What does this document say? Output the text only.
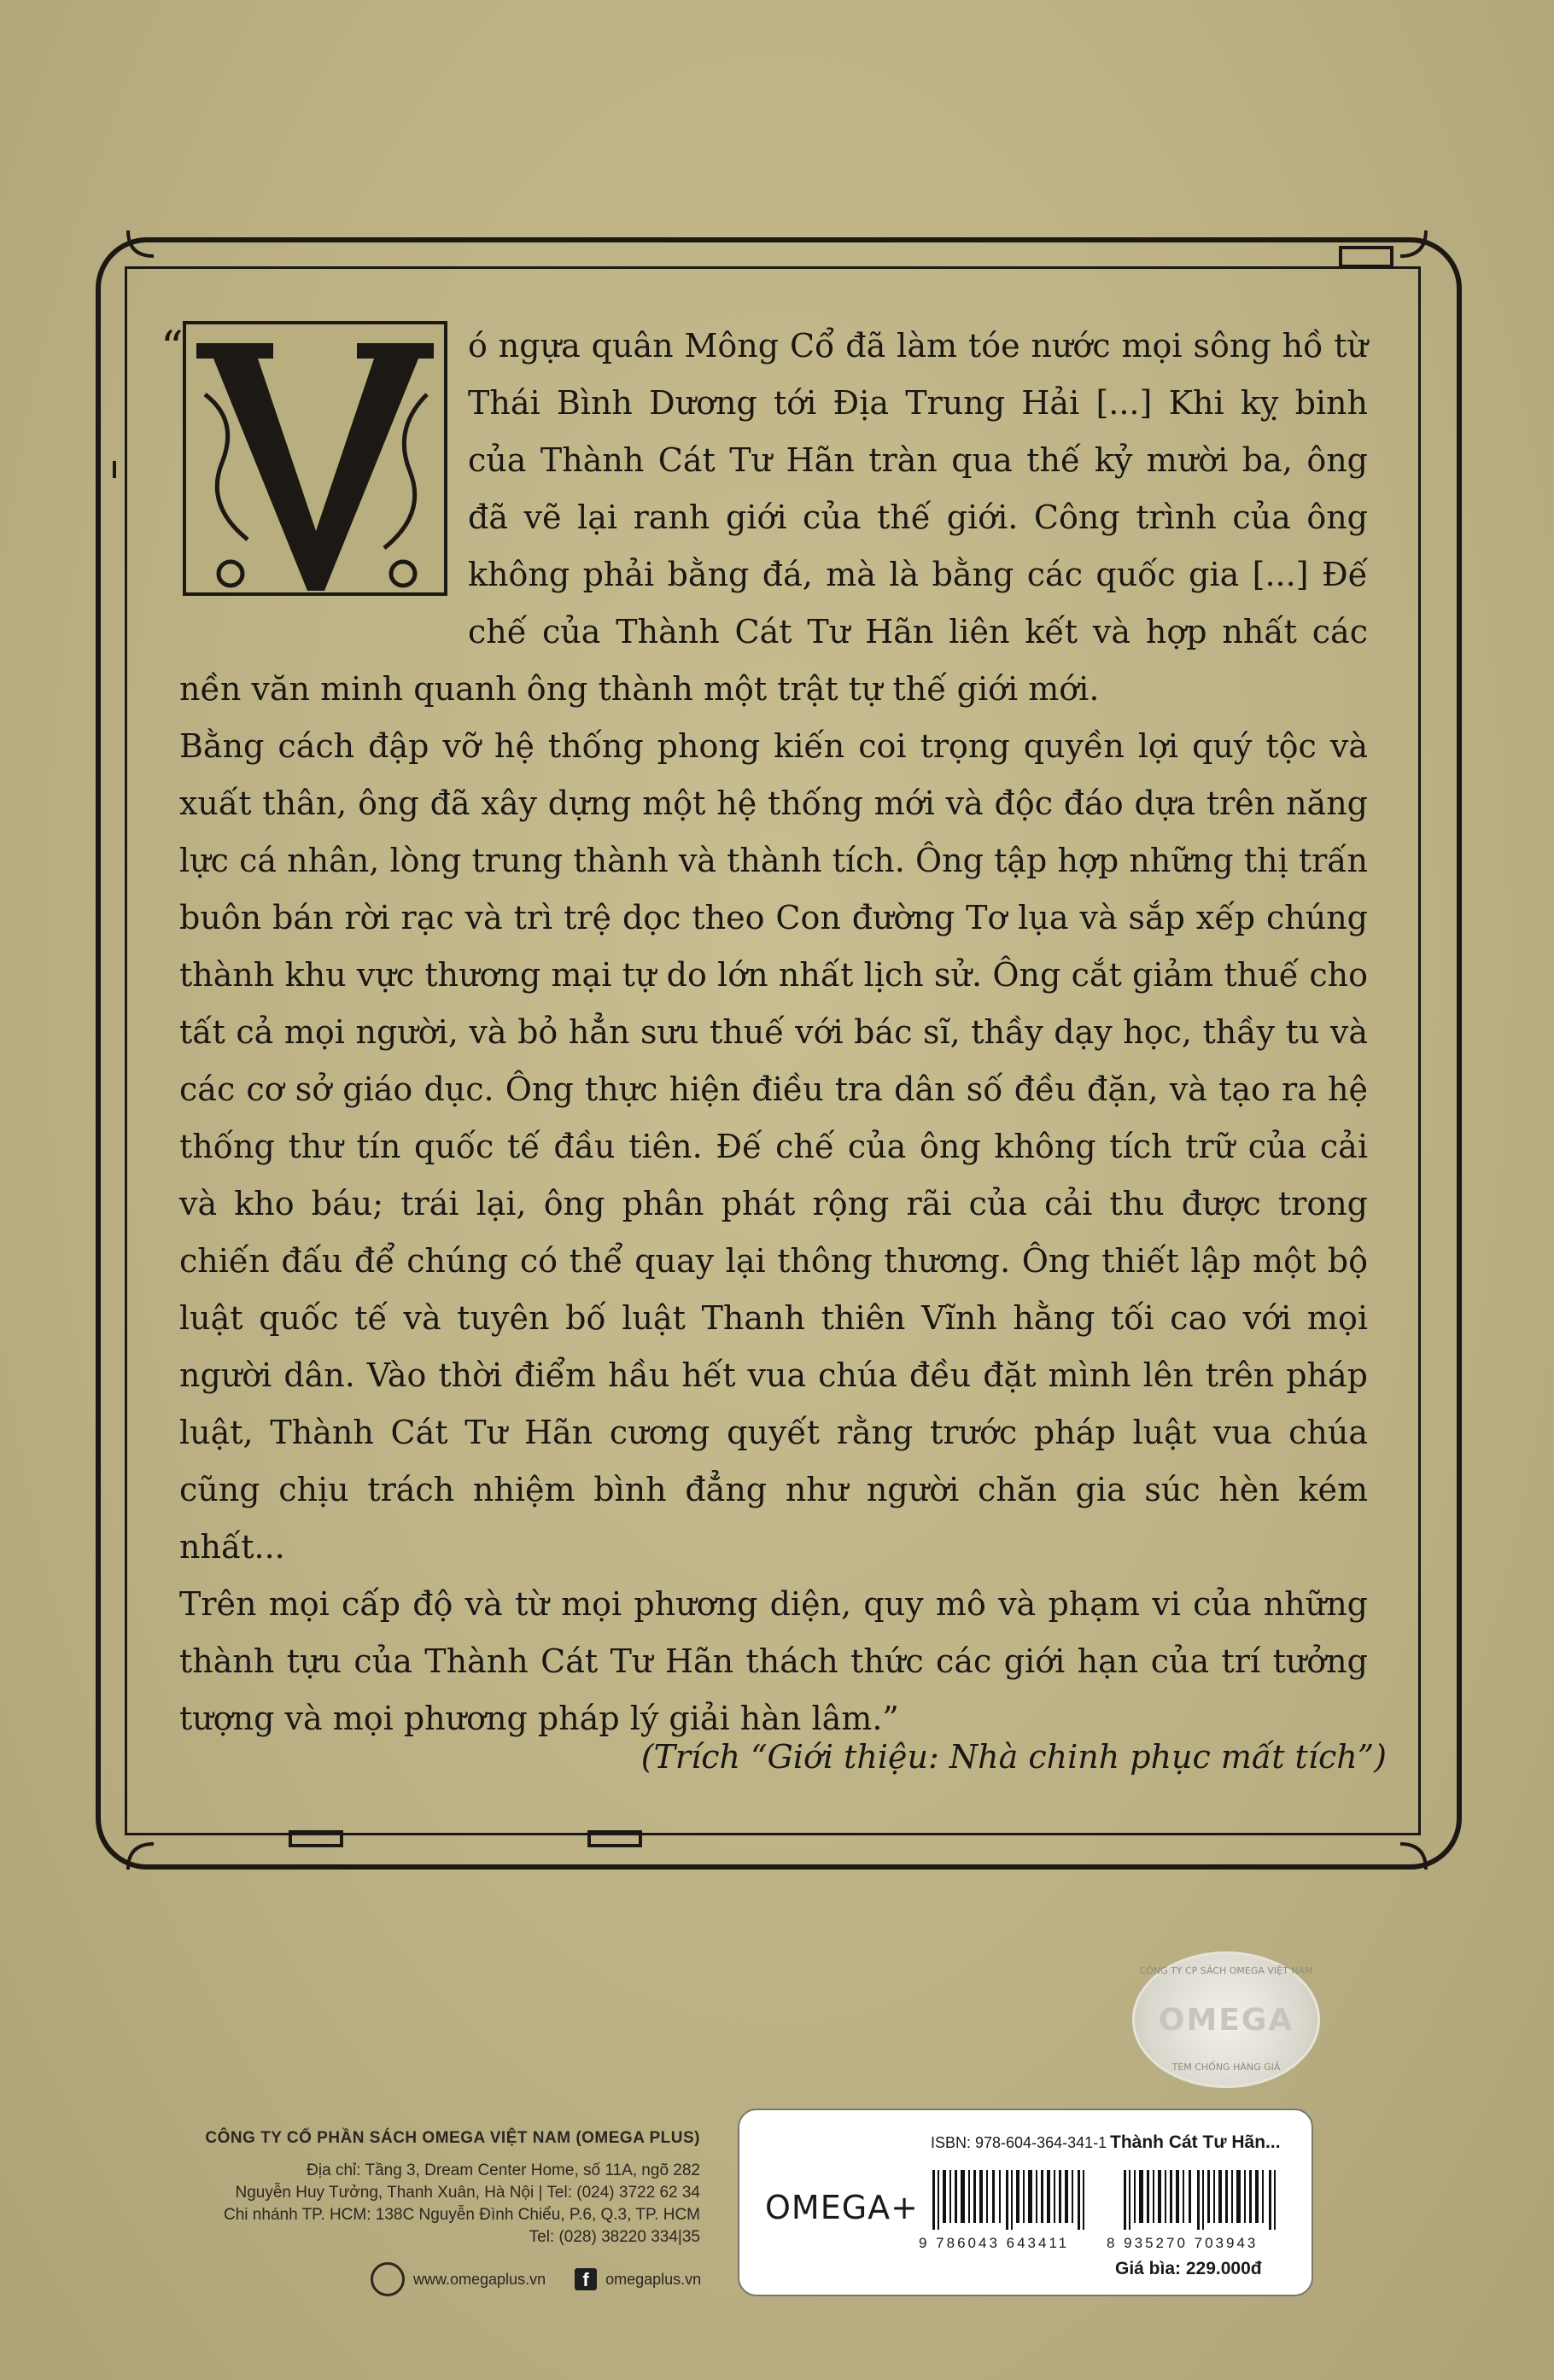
“
V

ó ngựa quân Mông Cổ đã làm tóe nước mọi sông hồ từ Thái Bình Dương tới Địa Trung Hải [...] Khi kỵ binh của Thành Cát Tư Hãn tràn qua thế kỷ mười ba, ông đã vẽ lại ranh giới của thế giới. Công trình của ông không phải bằng đá, mà là bằng các quốc gia [...] Đế chế của Thành Cát Tư Hãn liên kết và hợp nhất các nền văn minh quanh ông thành một trật tự thế giới mới.

Bằng cách đập vỡ hệ thống phong kiến coi trọng quyền lợi quý tộc và xuất thân, ông đã xây dựng một hệ thống mới và độc đáo dựa trên năng lực cá nhân, lòng trung thành và thành tích. Ông tập hợp những thị trấn buôn bán rời rạc và trì trệ dọc theo Con đường Tơ lụa và sắp xếp chúng thành khu vực thương mại tự do lớn nhất lịch sử. Ông cắt giảm thuế cho tất cả mọi người, và bỏ hẳn sưu thuế với bác sĩ, thầy dạy học, thầy tu và các cơ sở giáo dục. Ông thực hiện điều tra dân số đều đặn, và tạo ra hệ thống thư tín quốc tế đầu tiên. Đế chế của ông không tích trữ của cải và kho báu; trái lại, ông phân phát rộng rãi của cải thu được trong chiến đấu để chúng có thể quay lại thông thương. Ông thiết lập một bộ luật quốc tế và tuyên bố luật Thanh thiên Vĩnh hằng tối cao với mọi người dân. Vào thời điểm hầu hết vua chúa đều đặt mình lên trên pháp luật, Thành Cát Tư Hãn cương quyết rằng trước pháp luật vua chúa cũng chịu trách nhiệm bình đẳng như người chăn gia súc hèn kém nhất...

Trên mọi cấp độ và từ mọi phương diện, quy mô và phạm vi của những thành tựu của Thành Cát Tư Hãn thách thức các giới hạn của trí tưởng tượng và mọi phương pháp lý giải hàn lâm.”

(Trích “Giới thiệu: Nhà chinh phục mất tích”)
CÔNG TY CP SÁCH OMEGA VIỆT NAM
OMEGA
TEM CHỐNG HÀNG GIẢ
CÔNG TY CỔ PHẦN SÁCH OMEGA VIỆT NAM (OMEGA PLUS)
Địa chỉ: Tầng 3, Dream Center Home, số 11A, ngõ 282
Nguyễn Huy Tưởng, Thanh Xuân, Hà Nội | Tel: (024) 3722 62 34
Chi nhánh TP. HCM: 138C Nguyễn Đình Chiểu, P.6, Q.3, TP. HCM
Tel: (028) 38220 334|35
www.omegaplus.vn	f	omegaplus.vn
ISBN: 978-604-364-341-1 Thành Cát Tư Hãn...
OMEGA+
9 786043 643411	8 935270 703943
Giá bìa: 229.000đ
